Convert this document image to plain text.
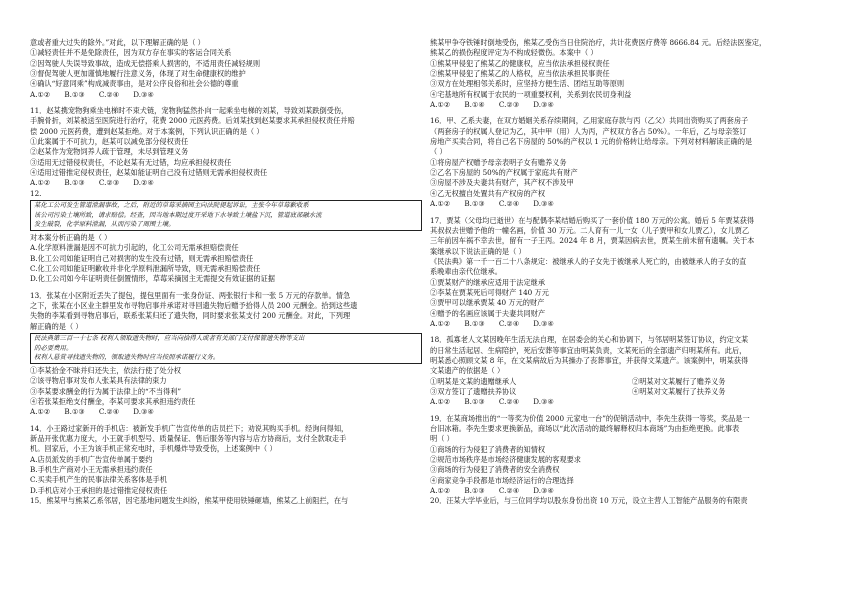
意或者重大过失的除外。”对此，以下理解正确的是（ ）
①减轻责任并不是免除责任，因为双方存在事实的客运合同关系
②因驾驶人失误导致事故，造成无偿搭乘人损害的，不适用责任减轻规则
③督促驾驶人更加谨慎地履行注意义务，体现了对生命健康权的维护
④确认“好意同乘”构成减责事由，是对公序良俗和社会公德的尊重
A.①② B.①③ C.②④ D.③④
11．赵某携宠物狗乘坐电梯时不束犬链，宠物狗猛然扑向一起乘坐电梯的刘某，导致刘某跌倒受伤，
手腕骨折，刘某被送至医院进行治疗，花费 2000 元医药费。后刘某找到赵某要求其承担侵权责任并赔
偿 2000 元医药费，遭到赵某拒绝。对于本案例，下列认识正确的是（ ）
①此案属于不可抗力，赵某可以减免部分侵权责任
②赵某作为宠物饲养人疏于管理，未尽到管理义务
③适用无过错侵权责任，不论赵某有无过错，均应承担侵权责任
④适用过错推定侵权责任，赵某如能证明自己没有过错则无需承担侵权责任
A.①② B.①③ C.②③ D.②④
12.
某化工公司发生管道泄漏事故，之后，附近的草莓采摘园主向法院提起诉讼，主张今年草莓歉收系
该公司污染土壤所致，请求赔偿。经查，因当地本期过度开采地下水导致土壤盐下沉，管道底部融水流
发生破裂，化学原料泄漏，从而污染了周围土壤。
对本案分析正确的是（ ）
A.化学原料泄漏是因不可抗力引起的，化工公司无需承担赔偿责任
B.化工公司如能证明自己对损害的发生没有过错，则无需承担赔偿责任
C.化工公司如能证明歉收并非化学原料泄漏所导致，则无需承担赔偿责任
D.化工公司如今年证明责任倒置情形，草莓采摘园主无需提交有效证据的证据
13．张某在小区附近丢失了提包，提包里面有一张身份证、两张银行卡和一张 5 万元的存款单。情急
之下，张某在小区业主群里发布寻物启事并承诺对寻回遗失物后赠予拾得人员 200 元酬金。拾到这些遗
失物的李某看到寻物启事后，联系张某归还了遗失物，同时要求张某支付 200 元酬金。对此，下列理
解正确的是（ ）
民法典第三百一十七条 权利人领取遗失物时，应当向拾得人或者有关部门支付保管遗失物等支出
的必要费用。
权利人悬赏寻找遗失物的，领取遗失物时应当按照承诺履行义务。
①李某拾金不昧并归还失主，依法行使了处分权
②该寻物启事对发布人张某具有法律的束力
③李某要求酬金的行为属于法律上的“不当得利”
④若张某拒绝支付酬金，李某可要求其承担违约责任
A.①② B.①③ C.②④ D.③④
14．小王路过家新开的手机店：被新发手机广告宣传单的店员拦下；劝说其购买手机。经询问得知，
新品开张优惠力度大，小王就手机型号、质量保证、售后服务等内容与店方协商后，支付全款取走手
机。回家后，小王为该手机正常充电时，手机爆炸导致受伤，上述案例中（ ）
A.店员派发的手机广告宣传单属于要约
B.手机生产商对小王无需承担违约责任
C.买卖手机产生的民事法律关系客体是手机
D.手机店对小王承担的是过错推定侵权责任
15．熊某甲与熊某乙系邻居，因宅基地问题发生纠纷，熊某甲使用铁锤砸墙，熊某乙上前阻拦，在与
熊某甲争夺铁锤时倒地受伤，熊某乙受伤当日住院治疗，共计花费医疗费等 8666.84 元。后经法医鉴定，
熊某乙的损伤程度评定为不构成轻微伤。本案中（ ）
①熊某甲侵犯了熊某乙的健康权，应当依法承担侵权责任
②熊某甲侵犯了熊某乙的人格权，应当依法承担民事责任
③双方在处理相邻关系时，应坚持方便生活、团结互助等原则
④宅基地所有权属于农民的一项重要权利，关系到农民切身利益
A.①② B.①④ C.②③ D.③④
16．甲、乙系夫妻，在双方婚姻关系存续期间，乙用家庭存款与丙（乙父）共同出资购买了两套房子
（两套房子的权属人登记为乙，其中甲（用）人为丙，产权双方各占 50%）。一年后，乙与母亲签订
房地产买卖合同，将自己名下房屋的 50%的产权以 1 元的价格转让给母亲。下列对材料解读正确的是
（ ）
①将房屋产权赠予母亲表明子女有赡养义务
②乙名下房屋的 50%的产权属于家庭共有财产
③房屋不涉及夫妻共有财产，其产权不涉及甲
④乙无权擅自处置共有产权房的产权
A.①② B.①③ C.②④ D.③④
17．贾某（父母均已逝世）在与配偶李某结婚后购买了一套价值 180 万元的公寓。婚后 5 年贾某获得
其叔叔去世赠予他的一幢名画，价值 30 万元。二人育有一儿一女（儿子贾甲和女儿贾乙），女儿贾乙
三年前因车祸不幸去世，留有一子王丙。2024 年 8 月，贾某因病去世，贾某生前未留有遗嘱。关于本
案继承以下说法正确的是（ ）
《民法典》第一千一百二十八条规定：被继承人的子女先于被继承人死亡的，由被继承人的子女的直
系晚辈由亲代位继承。
①贾某财产的继承应适用于法定继承
②李某在贾某死后可得财产 140 万元
③贾甲可以继承贾某 40 万元的财产
④赠予的名画应该属于夫妻共同财产
A.①② B.①③ C.②④ D.③④
18．孤寡老人文某因晚年生活无法自理，在居委会的关心和协调下，与邻居明某签订协议，约定文某
的日常生活起居、生病陪护，死后安葬等事宜由明某负责，文某死后的全部遗产归明某所有。此后，
明某悉心照顾文某 8 年，在文某病故后为其操办了丧葬事宜，并获得文某遗产。该案例中，明某获得
文某遗产的依据是（ ）
①明某是文某的遗赠继承人	②明某对文某履行了赡养义务
③双方签订了遗赠扶养协议	④明某对文某履行了扶养义务
A.①② B.①③ C.②④ D.③④
19．在某商场推出的“一等奖为价值 2000 元家电一台”的促销活动中，李先生获得一等奖，奖品是一
台旧冰箱。李先生要求更换新品，商场以“此次活动的最终解释权归本商场”为由拒绝更换。此事表
明（ ）
①商场的行为侵犯了消费者的知情权
②规范市场秩序是市场经济健康发展的客观要求
③商场的行为侵犯了消费者的安全消费权
④商家竞争手段都是市场经济运行的合理选择
A.①② B.①③ C.②④ D.③④
20．汪某大学毕业后，与三位同学均以股东身份出资 10 万元，设立主营人工智能产品服务的有限责
